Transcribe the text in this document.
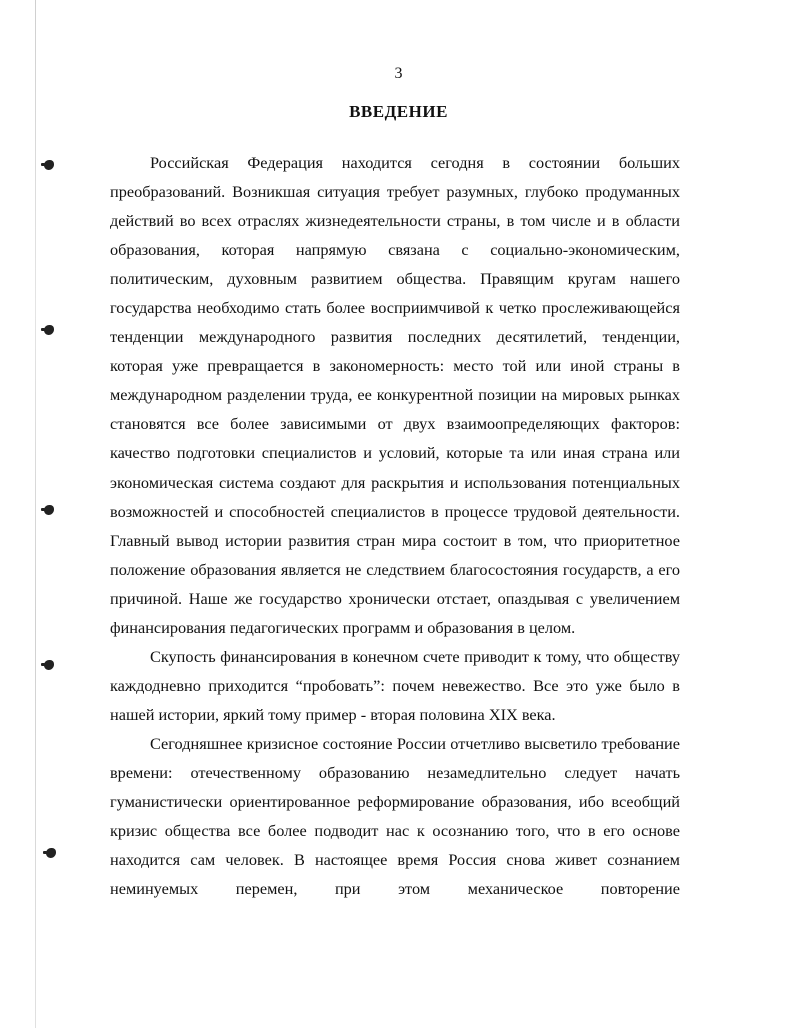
3
ВВЕДЕНИЕ

Российская Федерация находится сегодня в состоянии больших преобразований. Возникшая ситуация требует разумных, глубоко продуманных действий во всех отраслях жизнедеятельности страны, в том числе и в области образования, которая напрямую связана с социально-экономическим, политическим, духовным развитием общества. Правящим кругам нашего государства необходимо стать более восприимчивой к четко прослеживающейся тенденции международного развития последних десятилетий, тенденции, которая уже превращается в закономерность: место той или иной страны в международном разделении труда, ее конкурентной позиции на мировых рынках становятся все более зависимыми от двух взаимоопределяющих факторов: качество подготовки специалистов и условий, которые та или иная страна или экономическая система создают для раскрытия и использования потенциальных возможностей и способностей специалистов в процессе трудовой деятельности. Главный вывод истории развития стран мира состоит в том, что приоритетное положение образования является не следствием благосостояния государств, а его причиной. Наше же государство хронически отстает, опаздывая с увеличением финансирования педагогических программ и образования в целом.

Скупость финансирования в конечном счете приводит к тому, что обществу каждодневно приходится “пробовать”: почем невежество. Все это уже было в нашей истории, яркий тому пример - вторая половина XIX века.

Сегодняшнее кризисное состояние России отчетливо высветило требование времени: отечественному образованию незамедлительно следует начать гуманистически ориентированное реформирование образования, ибо всеобщий кризис общества все более подводит нас к осознанию того, что в его основе находится сам человек. В настоящее время Россия снова живет сознанием неминуемых перемен, при этом механическое повторение
